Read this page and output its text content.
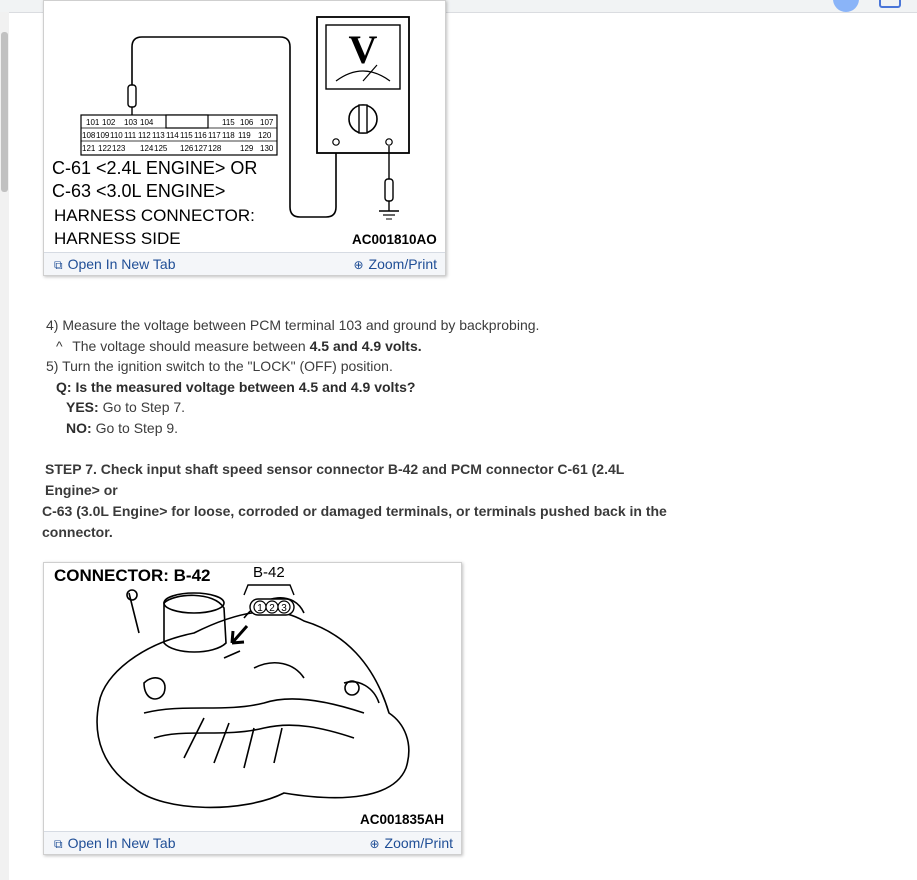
101 102 103 104	115 106 107
108 109 110 111 112 113 114 115 116 117 118 119 120
121 122 123 124 125 126 127 128 129 130
V
C-61 <2.4L ENGINE> OR
C-63 <3.0L ENGINE>
HARNESS CONNECTOR:
HARNESS SIDE	AC001810AO
⧉ Open In New Tab	⊕ Zoom/Print
4) Measure the voltage between PCM terminal 103 and ground by backprobing.
^ The voltage should measure between 4.5 and 4.9 volts.
5) Turn the ignition switch to the "LOCK" (OFF) position.
Q: Is the measured voltage between 4.5 and 4.9 volts?
YES: Go to Step 7.
NO: Go to Step 9.
STEP 7. Check input shaft speed sensor connector B-42 and PCM connector C-61 (2.4L Engine> or
C-63 (3.0L Engine> for loose, corroded or damaged terminals, or terminals pushed back in the
connector.
1 2 3
CONNECTOR: B-42	B-42
AC001835AH
⧉ Open In New Tab	⊕ Zoom/Print
